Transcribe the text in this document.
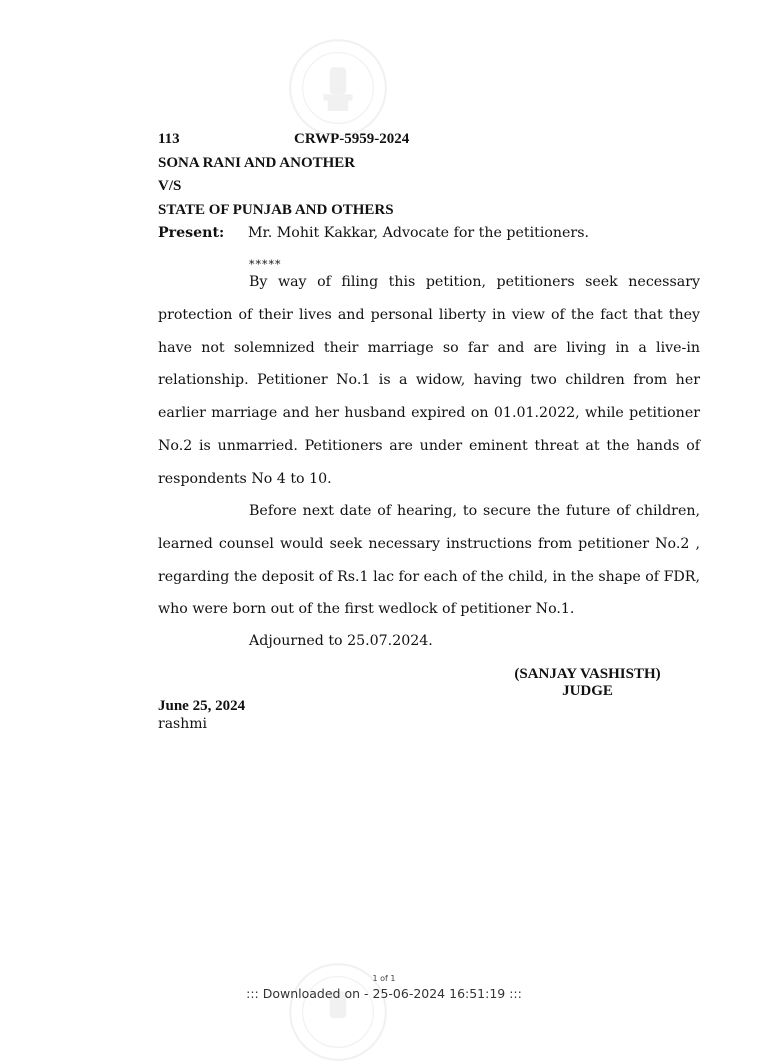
113	CRWP-5959-2024
SONA RANI AND ANOTHER
V/S
STATE OF PUNJAB AND OTHERS
Present: Mr. Mohit Kakkar, Advocate for the petitioners.
*****

By way of filing this petition, petitioners seek necessary protection of their lives and personal liberty in view of the fact that they have not solemnized their marriage so far and are living in a live-in relationship. Petitioner No.1 is a widow, having two children from her earlier marriage and her husband expired on 01.01.2022, while petitioner No.2 is unmarried. Petitioners are under eminent threat at the hands of respondents No 4 to 10.

Before next date of hearing, to secure the future of children, learned counsel would seek necessary instructions from petitioner No.2 , regarding the deposit of Rs.1 lac for each of the child, in the shape of FDR, who were born out of the first wedlock of petitioner No.1.

Adjourned to 25.07.2024.
(SANJAY VASHISTH)
JUDGE
June 25, 2024
rashmi
1 of 1
::: Downloaded on - 25-06-2024 16:51:19 :::
